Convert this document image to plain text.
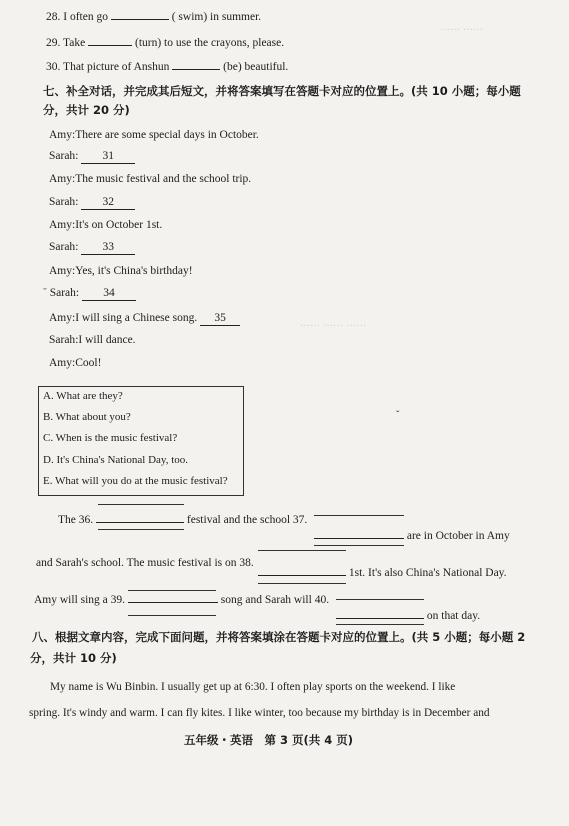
…… ……
…… …… ……
28. I often go	( swim) in summer.
29. Take	(turn) to use the crayons, please.
30. That picture of Anshun	(be) beautiful.
七、补全对话，并完成其后短文，并将答案填写在答题卡对应的位置上。(共 10 小题；每小题
分，共计 20 分)
Amy:There are some special days in October.
Sarah: 31
Amy:The music festival and the school trip.
Sarah: 32
Amy:It's on October 1st.
Sarah: 33
Amy:Yes, it's China's birthday!
˘ Sarah: 34
Amy:I will sing a Chinese song. 35
Sarah:I will dance.
Amy:Cool!
A. What are they?
B. What about you?
C. When is the music festival?
D. It's China's National Day, too.
E. What will you do at the music festival?
ˇ
The 36.	festival and the school 37.
are in October in Amy
and Sarah's school. The music festival is on 38.
1st. It's also China's National Day.
Amy will sing a 39.	song and Sarah will 40.
on that day.
八、根据文章内容，完成下面问题，并将答案填涂在答题卡对应的位置上。(共 5 小题；每小题 2
分，共计 10 分)
My name is Wu Binbin. I usually get up at 6:30. I often play sports on the weekend. I like
spring. It's windy and warm. I can fly kites. I like winter, too because my birthday is in December and
五年级・英语　第 3 页(共 4 页)
